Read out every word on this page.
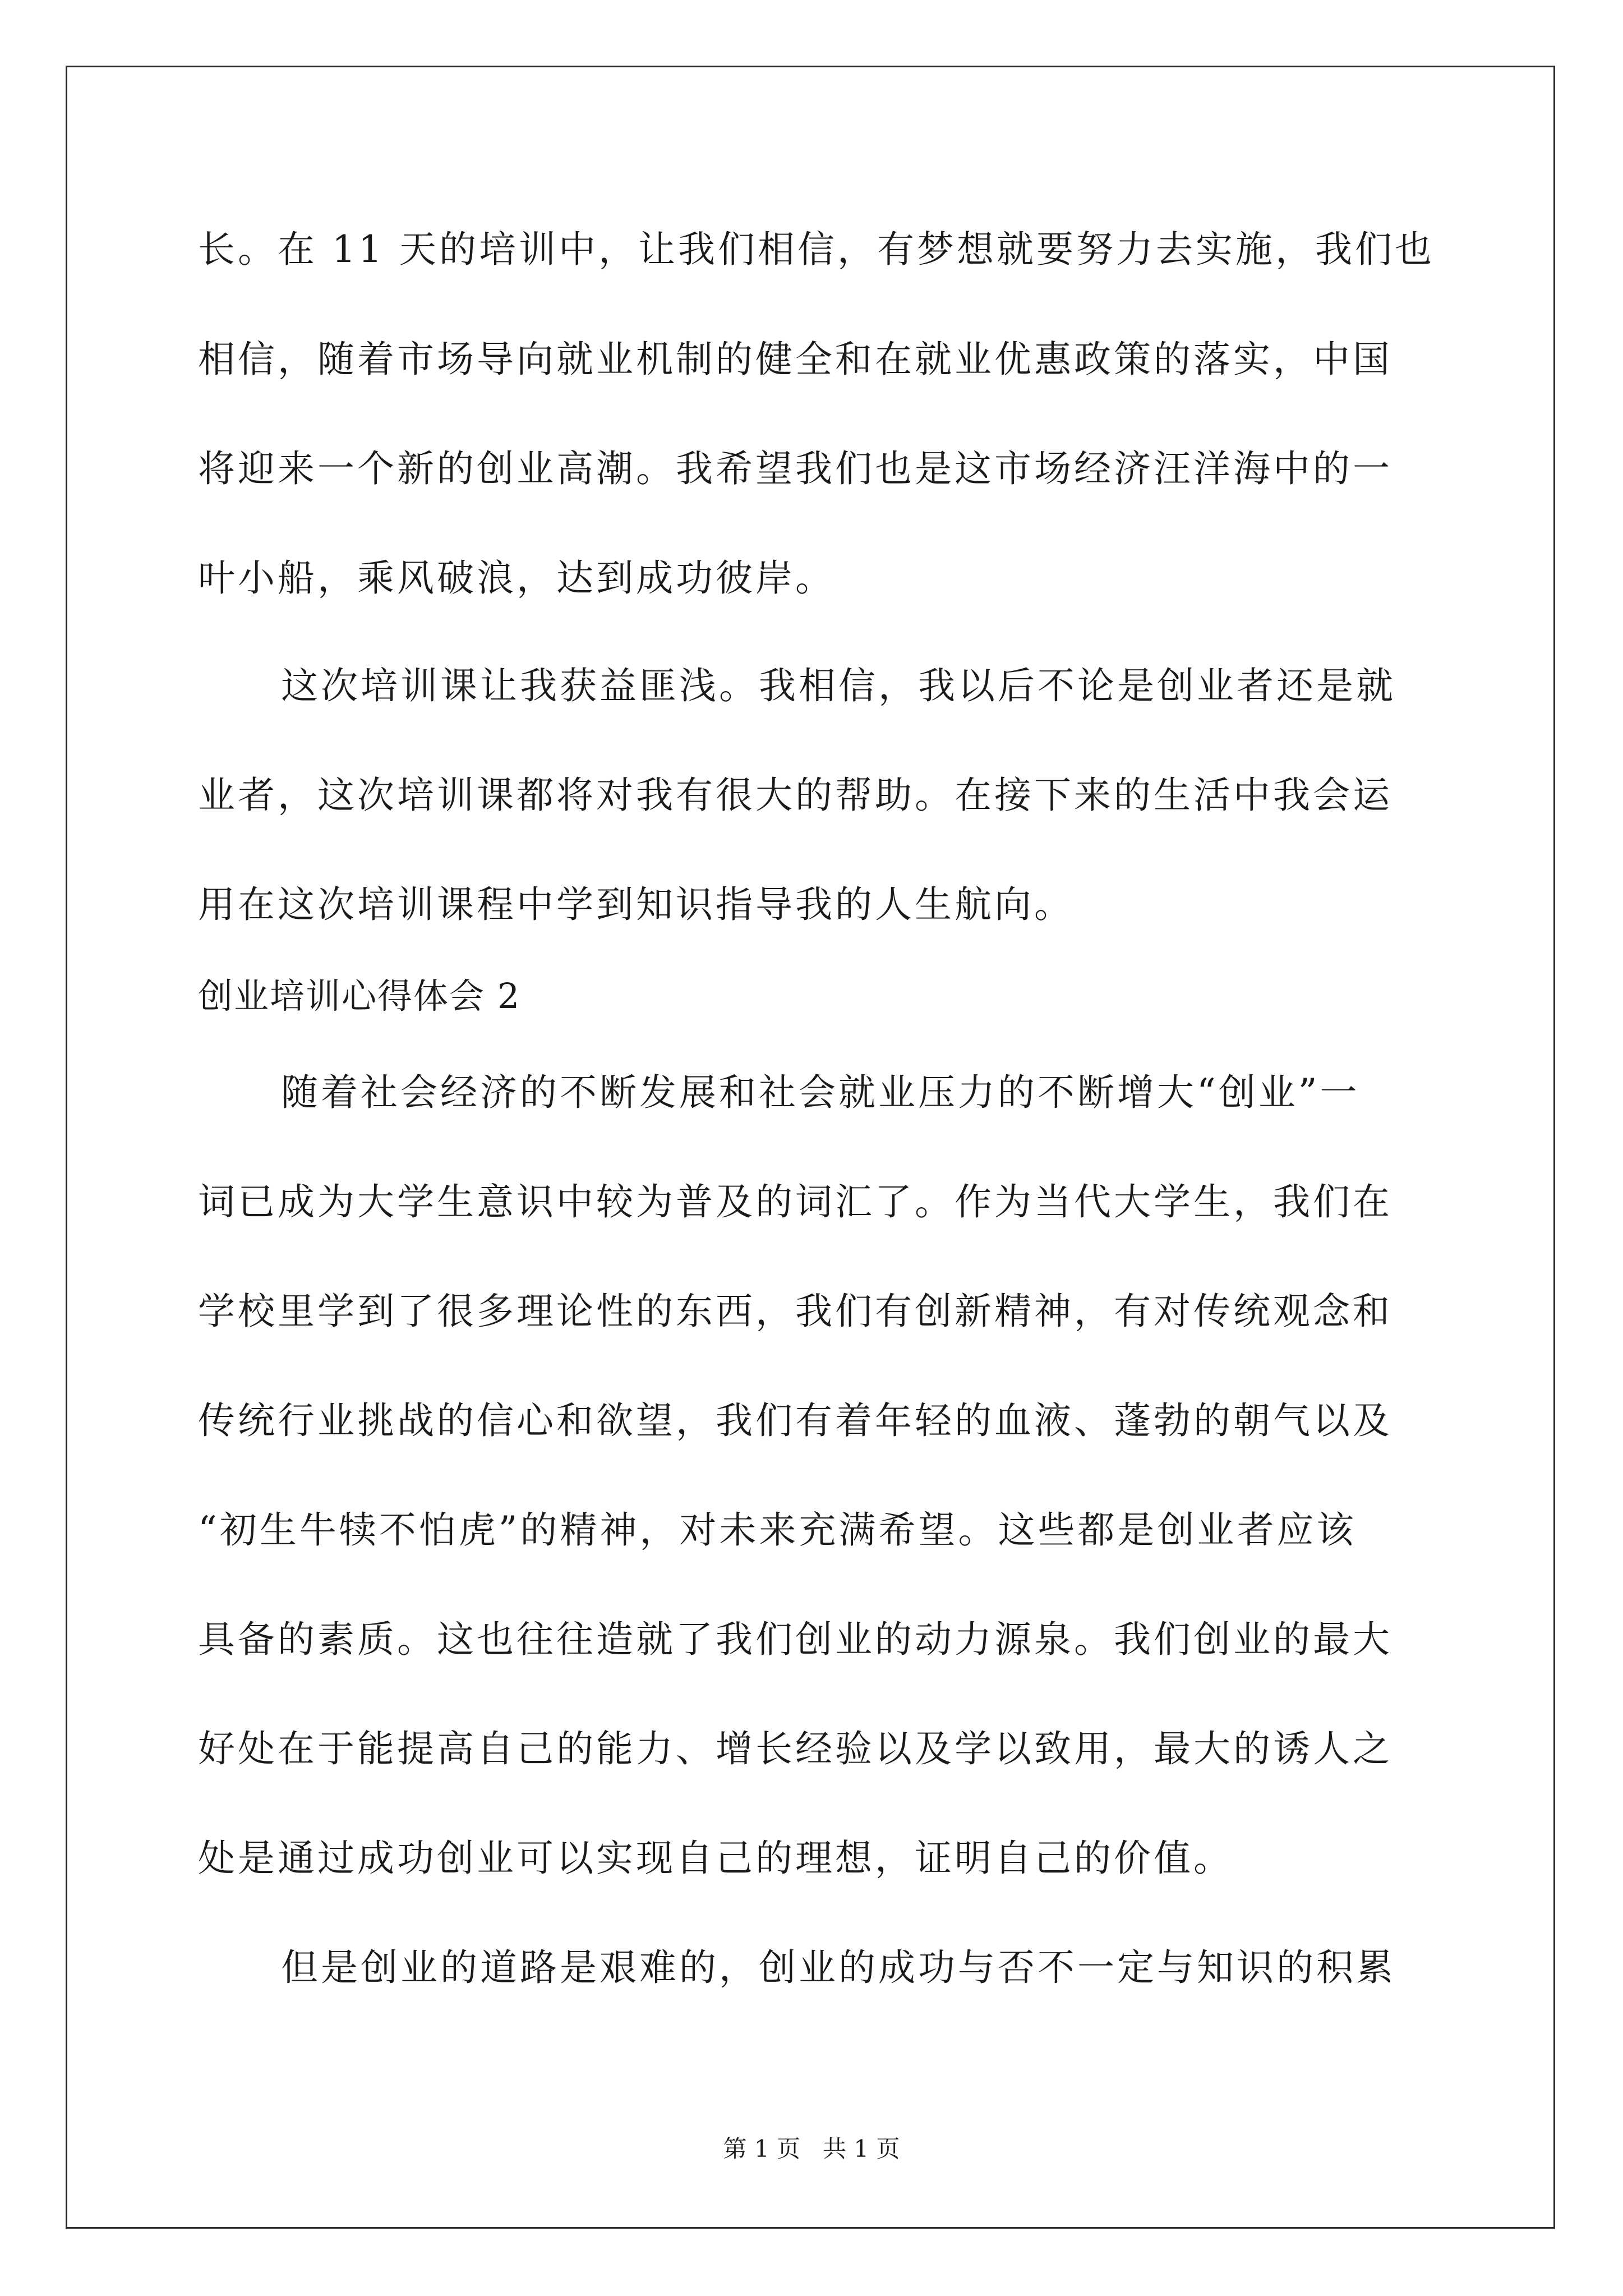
长。在 11 天的培训中，让我们相信，有梦想就要努力去实施，我们也
相信，随着市场导向就业机制的健全和在就业优惠政策的落实，中国
将迎来一个新的创业高潮。我希望我们也是这市场经济汪洋海中的一
叶小船，乘风破浪，达到成功彼岸。
这次培训课让我获益匪浅。我相信，我以后不论是创业者还是就
业者，这次培训课都将对我有很大的帮助。在接下来的生活中我会运
用在这次培训课程中学到知识指导我的人生航向。
创业培训心得体会 2
随着社会经济的不断发展和社会就业压力的不断增大“创业”一
词已成为大学生意识中较为普及的词汇了。作为当代大学生，我们在
学校里学到了很多理论性的东西，我们有创新精神，有对传统观念和
传统行业挑战的信心和欲望，我们有着年轻的血液、蓬勃的朝气以及
“初生牛犊不怕虎”的精神，对未来充满希望。这些都是创业者应该
具备的素质。这也往往造就了我们创业的动力源泉。我们创业的最大
好处在于能提高自己的能力、增长经验以及学以致用，最大的诱人之
处是通过成功创业可以实现自己的理想，证明自己的价值。
但是创业的道路是艰难的，创业的成功与否不一定与知识的积累
第 1 页   共 1 页
